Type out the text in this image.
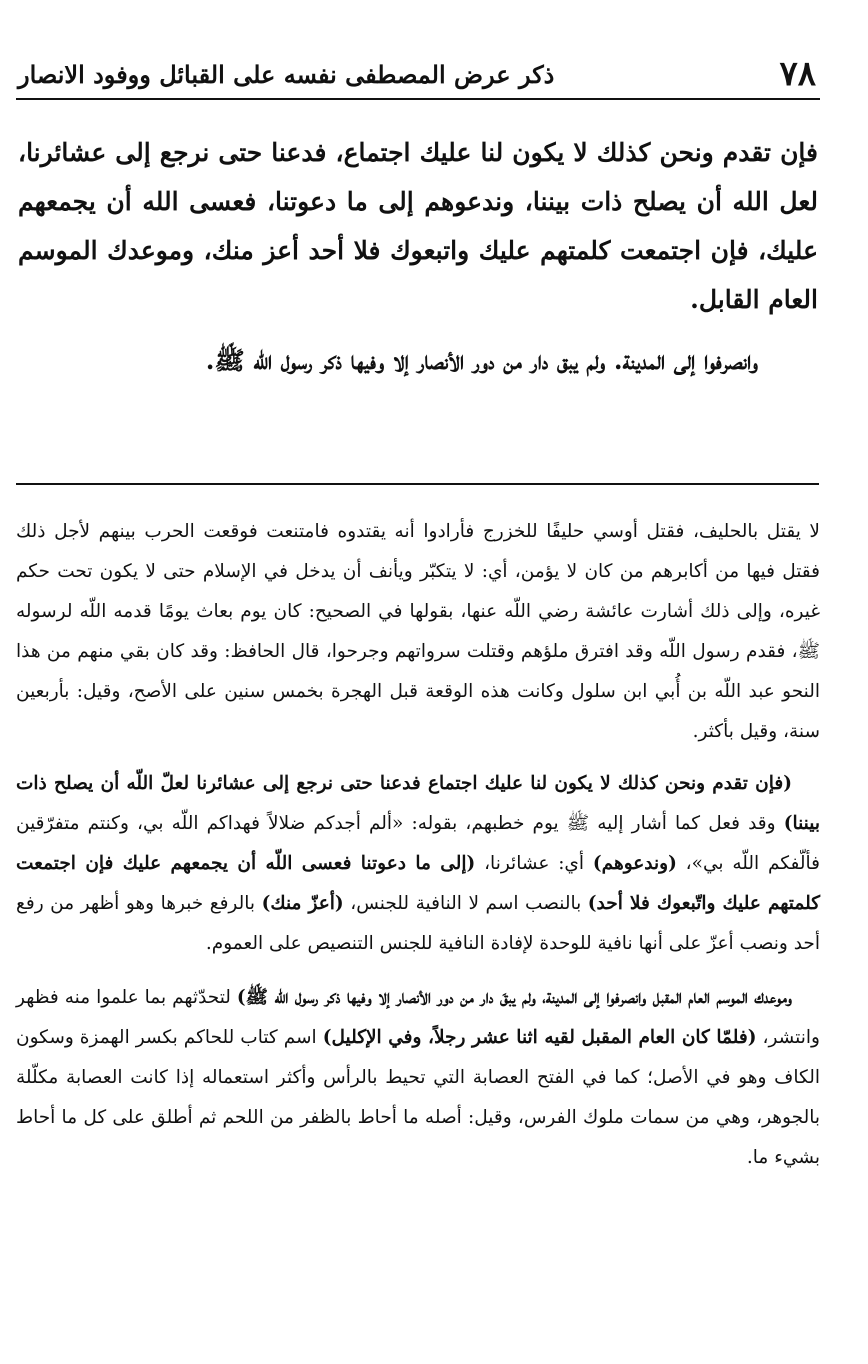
٧٨
ذكر عرض المصطفى نفسه على القبائل ووفود الانصار

فإن تقدم ونحن كذلك لا يكون لنا عليك اجتماع، فدعنا حتى نرجع إلى عشائرنا، لعل الله أن يصلح ذات بيننا، وندعوهم إلى ما دعوتنا، فعسى الله أن يجمعهم عليك، فإن اجتمعت كلمتهم عليك واتبعوك فلا أحد أعز منك، وموعدك الموسم العام القابل.

وانصرفوا إلى المدينة. ولم يبق دار من دور الأنصار إلا وفيها ذكر رسول الله ﷺ.

لا يقتل بالحليف، فقتل أوسي حليفًا للخزرج فأرادوا أنه يقتدوه فامتنعت فوقعت الحرب بينهم لأجل ذلك فقتل فيها من أكابرهم من كان لا يؤمن، أي: لا يتكبّر ويأنف أن يدخل في الإسلام حتى لا يكون تحت حكم غيره، وإلى ذلك أشارت عائشة رضي اللّه عنها، بقولها في الصحيح: كان يوم بعاث يومًا قدمه اللّه لرسوله ﷺ، فقدم رسول اللّه وقد افترق ملؤهم وقتلت سرواتهم وجرحوا، قال الحافظ: وقد كان بقي منهم من هذا النحو عبد اللّه بن أُبي ابن سلول وكانت هذه الوقعة قبل الهجرة بخمس سنين على الأصح، وقيل: بأربعين سنة، وقيل بأكثر.

(فإن تقدم ونحن كذلك لا يكون لنا عليك اجتماع فدعنا حتى نرجع إلى عشائرنا لعلّ اللّه أن يصلح ذات بيننا) وقد فعل كما أشار إليه ﷺ يوم خطبهم، بقوله: «ألم أجدكم ضلالاً فهداكم اللّه بي، وكنتم متفرّقين فألّفكم اللّه بي»، (وندعوهم) أي: عشائرنا، (إلى ما دعوتنا فعسى اللّه أن يجمعهم عليك فإن اجتمعت كلمتهم عليك واتّبعوك فلا أحد) بالنصب اسم لا النافية للجنس، (أعزّ منك) بالرفع خبرها وهو أظهر من رفع أحد ونصب أعزّ على أنها نافية للوحدة لإفادة النافية للجنس التنصيص على العموم.

وموعدك الموسم العام المقبل وانصرفوا إلى المدينة، ولم يبقَ دار من دور الأنصار إلا وفيها ذكر رسول اللّه ﷺ) لتحدّثهم بما علموا منه فظهر وانتشر، (فلمّا كان العام المقبل لقيه اثنا عشر رجلاً، وفي الإكليل) اسم كتاب للحاكم بكسر الهمزة وسكون الكاف وهو في الأصل؛ كما في الفتح العصابة التي تحيط بالرأس وأكثر استعماله إذا كانت العصابة مكلّلة بالجوهر، وهي من سمات ملوك الفرس، وقيل: أصله ما أحاط بالظفر من اللحم ثم أطلق على كل ما أحاط بشيء ما.
